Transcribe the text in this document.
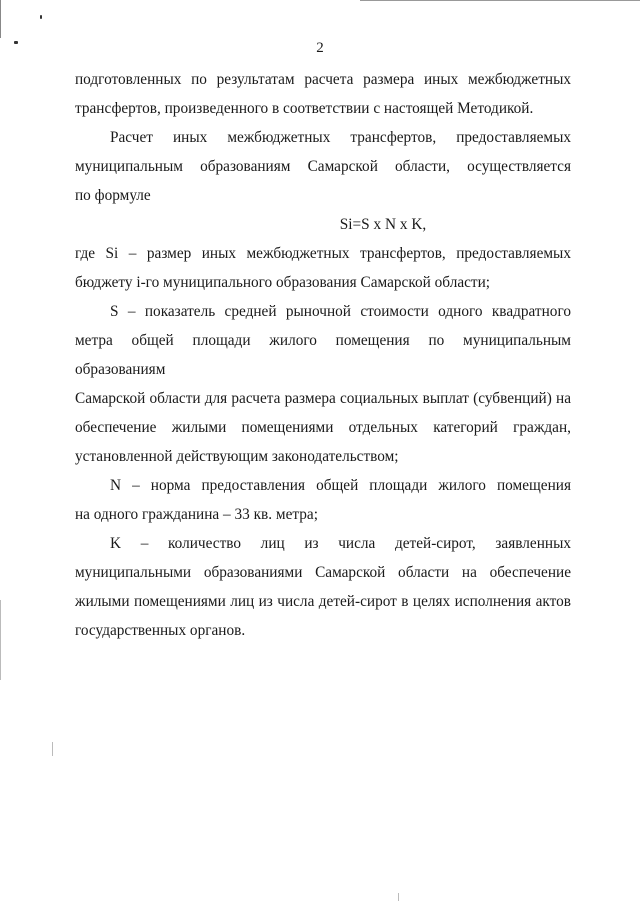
2
подготовленных по результатам расчета размера иных межбюджетных
трансфертов, произведенного в соответствии с настоящей Методикой.
Расчет иных межбюджетных трансфертов, предоставляемых
муниципальным образованиям Самарской области, осуществляется
по формуле
Si=S x N x K,
где Si – размер иных межбюджетных трансфертов, предоставляемых
бюджету i-го муниципального образования Самарской области;
S – показатель средней рыночной стоимости одного квадратного
метра общей площади жилого помещения по муниципальным образованиям
Самарской области для расчета размера социальных выплат (субвенций) на
обеспечение жилыми помещениями отдельных категорий граждан,
установленной действующим законодательством;
N – норма предоставления общей площади жилого помещения
на одного гражданина – 33 кв. метра;
K – количество лиц из числа детей-сирот, заявленных
муниципальными образованиями Самарской области на обеспечение
жилыми помещениями лиц из числа детей-сирот в целях исполнения актов
государственных органов.
